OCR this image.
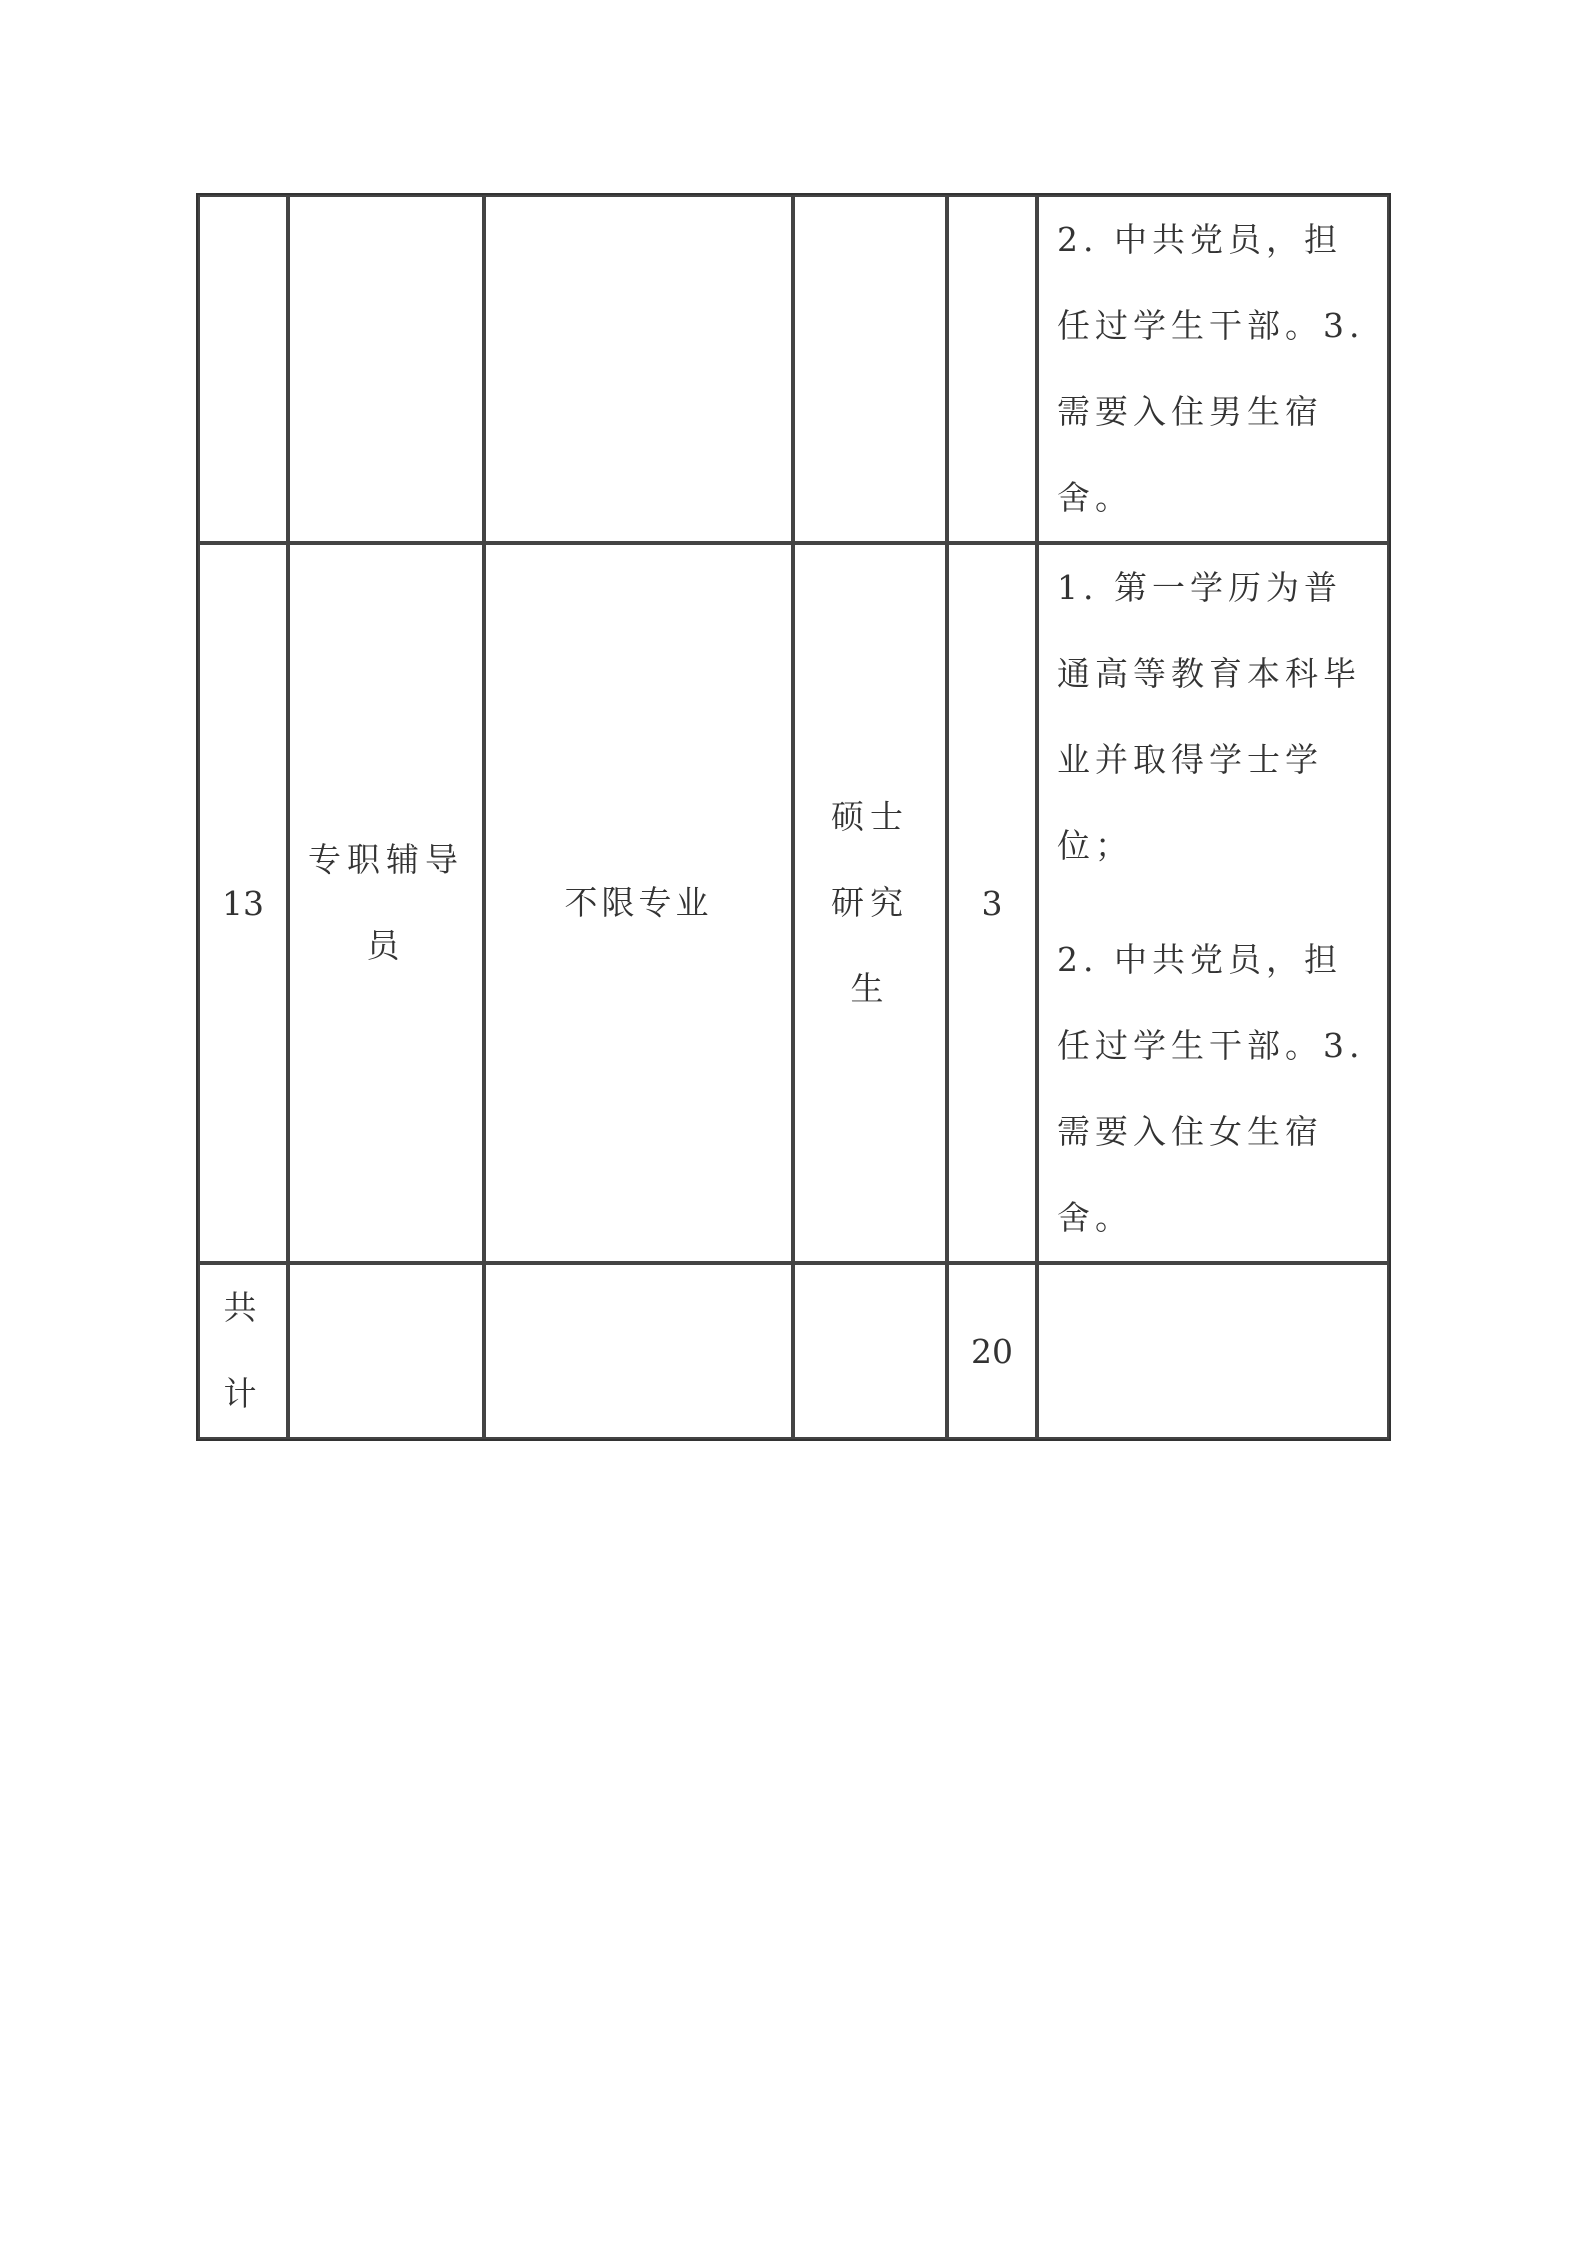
					2. 中共党员，担任过学生干部。3. 需要入住男生宿舍。

13	专职辅导员	不限专业	硕士研究生	3	1. 第一学历为普通高等教育本科毕业并取得学士学位；
2. 中共党员，担任过学生干部。3. 需要入住女生宿舍。

共计				20	
